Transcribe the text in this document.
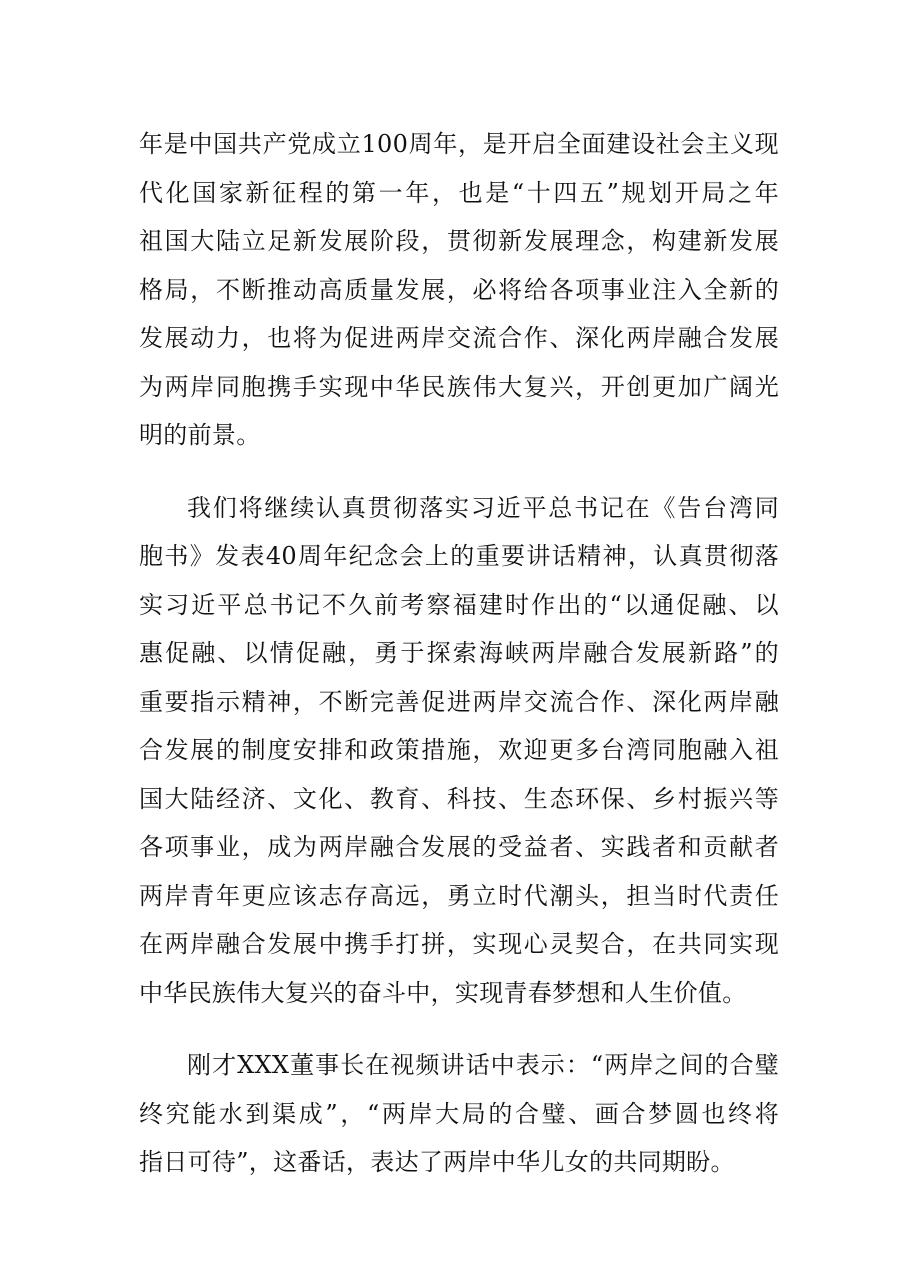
年是中国共产党成立100周年，是开启全面建设社会主义现
代化国家新征程的第一年，也是“十四五”规划开局之年
祖国大陆立足新发展阶段，贯彻新发展理念，构建新发展
格局，不断推动高质量发展，必将给各项事业注入全新的
发展动力，也将为促进两岸交流合作、深化两岸融合发展
为两岸同胞携手实现中华民族伟大复兴，开创更加广阔光
明的前景。
我们将继续认真贯彻落实习近平总书记在《告台湾同
胞书》发表40周年纪念会上的重要讲话精神，认真贯彻落
实习近平总书记不久前考察福建时作出的“以通促融、以
惠促融、以情促融，勇于探索海峡两岸融合发展新路”的
重要指示精神，不断完善促进两岸交流合作、深化两岸融
合发展的制度安排和政策措施，欢迎更多台湾同胞融入祖
国大陆经济、文化、教育、科技、生态环保、乡村振兴等
各项事业，成为两岸融合发展的受益者、实践者和贡献者
两岸青年更应该志存高远，勇立时代潮头，担当时代责任
在两岸融合发展中携手打拼，实现心灵契合，在共同实现
中华民族伟大复兴的奋斗中，实现青春梦想和人生价值。
刚才XXX董事长在视频讲话中表示：“两岸之间的合璧
终究能水到渠成”，“两岸大局的合璧、画合梦圆也终将
指日可待”，这番话，表达了两岸中华儿女的共同期盼。
